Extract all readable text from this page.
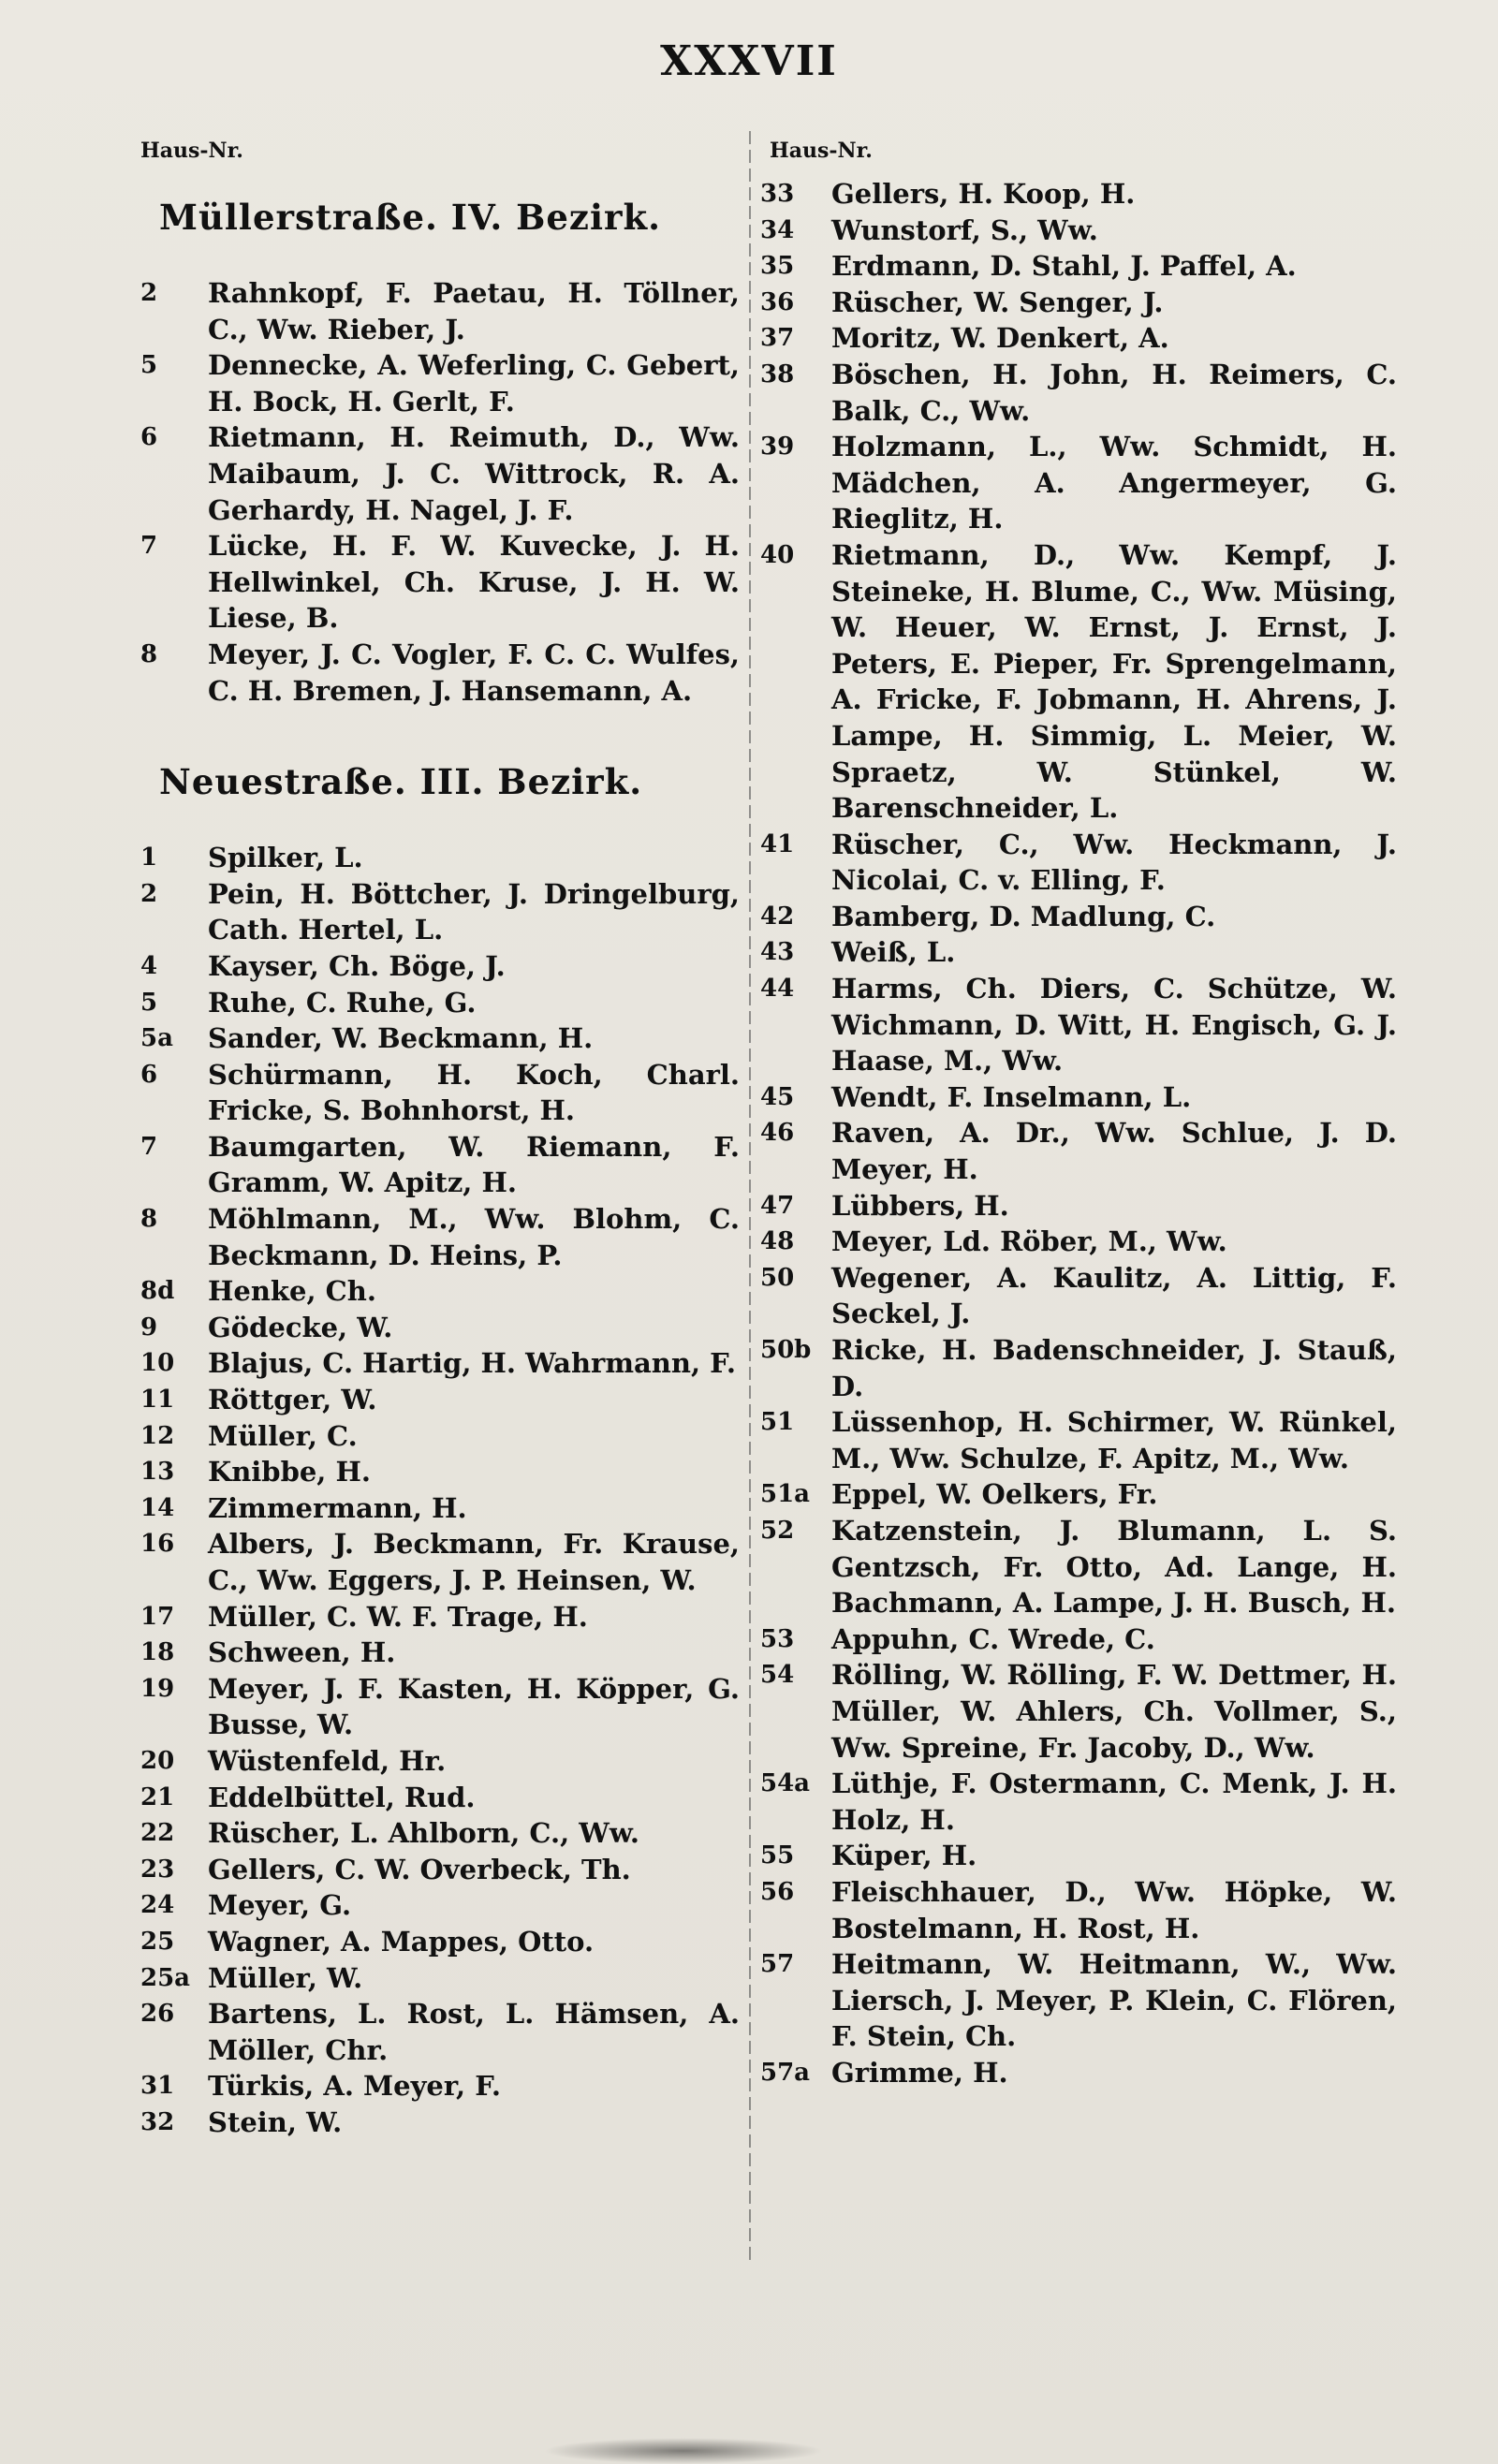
XXXVII
Haus-Nr.	Haus-Nr.
Müllerstraße. IV. Bezirk.
2	Rahnkopf, F. Paetau, H. Töllner, C., Ww. Rieber, J.
5	Dennecke, A. Weferling, C. Gebert, H. Bock, H. Gerlt, F.
6	Rietmann, H. Reimuth, D., Ww. Maibaum, J. C. Wittrock, R. A. Gerhardy, H. Nagel, J. F.
7	Lücke, H. F. W. Kuvecke, J. H. Hellwinkel, Ch. Kruse, J. H. W. Liese, B.
8	Meyer, J. C. Vogler, F. C. C. Wulfes, C. H. Bremen, J. Hansemann, A.
Neuestraße. III. Bezirk.
1	Spilker, L.
2	Pein, H. Böttcher, J. Dringelburg, Cath. Hertel, L.
4	Kayser, Ch. Böge, J.
5	Ruhe, C. Ruhe, G.
5a	Sander, W. Beckmann, H.
6	Schürmann, H. Koch, Charl. Fricke, S. Bohnhorst, H.
7	Baumgarten, W. Riemann, F. Gramm, W. Apitz, H.
8	Möhlmann, M., Ww. Blohm, C. Beckmann, D. Heins, P.
8d	Henke, Ch.
9	Gödecke, W.
10	Blajus, C. Hartig, H. Wahrmann, F.
11	Röttger, W.
12	Müller, C.
13	Knibbe, H.
14	Zimmermann, H.
16	Albers, J. Beckmann, Fr. Krause, C., Ww. Eggers, J. P. Heinsen, W.
17	Müller, C. W. F. Trage, H.
18	Schween, H.
19	Meyer, J. F. Kasten, H. Köpper, G. Busse, W.
20	Wüstenfeld, Hr.
21	Eddelbüttel, Rud.
22	Rüscher, L. Ahlborn, C., Ww.
23	Gellers, C. W. Overbeck, Th.
24	Meyer, G.
25	Wagner, A. Mappes, Otto.
25a Müller, W.
26	Bartens, L. Rost, L. Hämsen, A. Möller, Chr.
31	Türkis, A. Meyer, F.
32	Stein, W.
33	Gellers, H. Koop, H.
34	Wunstorf, S., Ww.
35	Erdmann, D. Stahl, J. Paffel, A.
36	Rüscher, W. Senger, J.
37	Moritz, W. Denkert, A.
38	Böschen, H. John, H. Reimers, C. Balk, C., Ww.
39	Holzmann, L., Ww. Schmidt, H. Mädchen, A. Angermeyer, G. Rieglitz, H.
40	Rietmann, D., Ww. Kempf, J. Steineke, H. Blume, C., Ww. Müsing, W. Heuer, W. Ernst, J. Ernst, J. Peters, E. Pieper, Fr. Sprengelmann, A. Fricke, F. Jobmann, H. Ahrens, J. Lampe, H. Simmig, L. Meier, W. Spraetz, W. Stünkel, W. Barenschneider, L.
41	Rüscher, C., Ww. Heckmann, J. Nicolai, C. v. Elling, F.
42	Bamberg, D. Madlung, C.
43	Weiß, L.
44	Harms, Ch. Diers, C. Schütze, W. Wichmann, D. Witt, H. Engisch, G. J. Haase, M., Ww.
45	Wendt, F. Inselmann, L.
46	Raven, A. Dr., Ww. Schlue, J. D. Meyer, H.
47	Lübbers, H.
48	Meyer, Ld. Röber, M., Ww.
50	Wegener, A. Kaulitz, A. Littig, F. Seckel, J.
50b Ricke, H. Badenschneider, J. Stauß, D.
51	Lüssenhop, H. Schirmer, W. Rünkel, M., Ww. Schulze, F. Apitz, M., Ww.
51a Eppel, W. Oelkers, Fr.
52	Katzenstein, J. Blumann, L. S. Gentzsch, Fr. Otto, Ad. Lange, H. Bachmann, A. Lampe, J. H. Busch, H.
53	Appuhn, C. Wrede, C.
54	Rölling, W. Rölling, F. W. Dettmer, H. Müller, W. Ahlers, Ch. Vollmer, S., Ww. Spreine, Fr. Jacoby, D., Ww.
54a Lüthje, F. Ostermann, C. Menk, J. H. Holz, H.
55	Küper, H.
56	Fleischhauer, D., Ww. Höpke, W. Bostelmann, H. Rost, H.
57	Heitmann, W. Heitmann, W., Ww. Liersch, J. Meyer, P. Klein, C. Flören, F. Stein, Ch.
57a Grimme, H.
